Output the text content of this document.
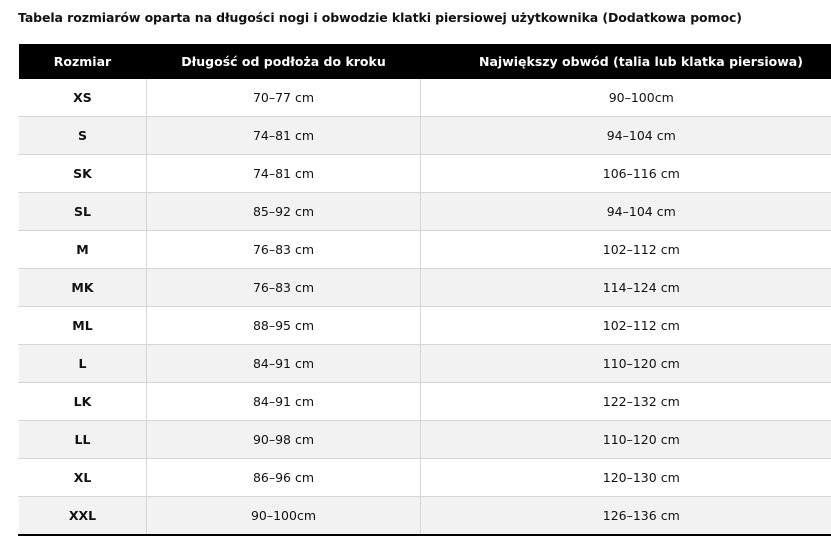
Tabela rozmiarów oparta na długości nogi i obwodzie klatki piersiowej użytkownika (Dodatkowa pomoc)
Rozmiar	Długość od podłoża do kroku	Największy obwód (talia lub klatka piersiowa)
XS	70–77 cm	90–100cm
S	74–81 cm	94–104 cm
SK	74–81 cm	106–116 cm
SL	85–92 cm	94–104 cm
M	76–83 cm	102–112 cm
MK	76–83 cm	114–124 cm
ML	88–95 cm	102–112 cm
L	84–91 cm	110–120 cm
LK	84–91 cm	122–132 cm
LL	90–98 cm	110–120 cm
XL	86–96 cm	120–130 cm
XXL	90–100cm	126–136 cm
